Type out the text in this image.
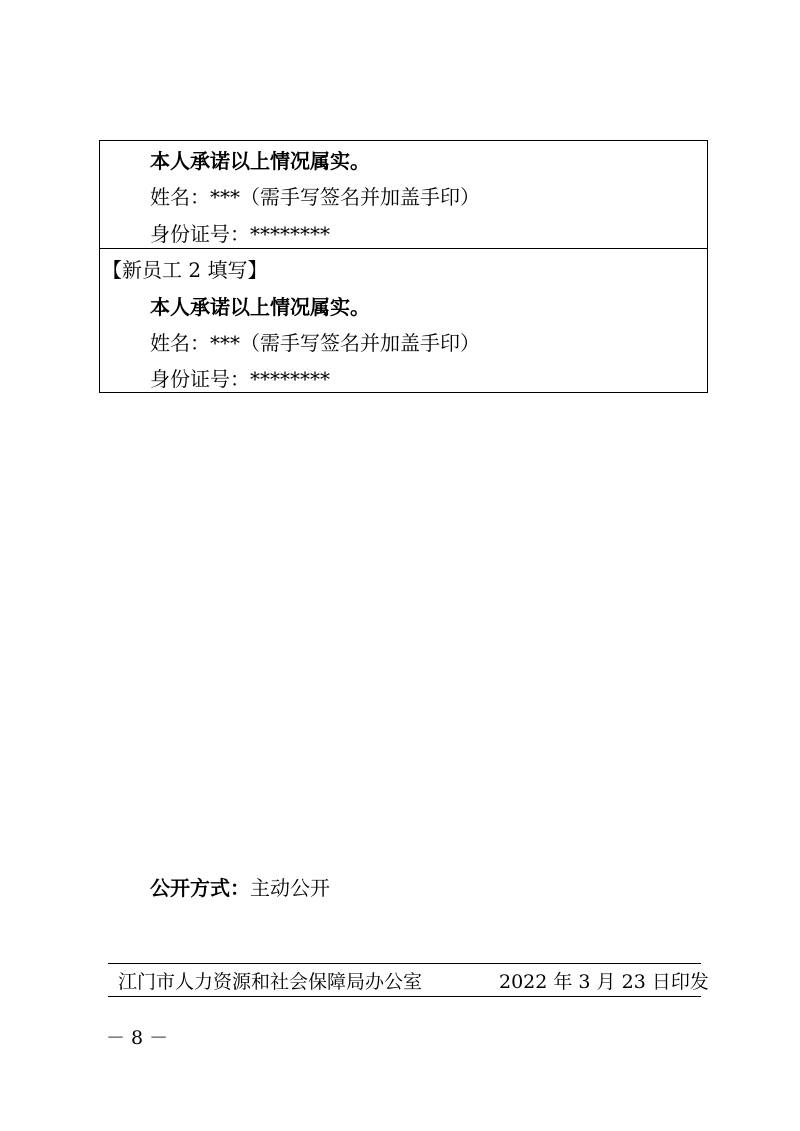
本人承诺以上情况属实。
姓名：***（需手写签名并加盖手印）
身份证号：********
【新员工 2 填写】
本人承诺以上情况属实。
姓名：***（需手写签名并加盖手印）
身份证号：********
公开方式：主动公开
江门市人力资源和社会保障局办公室	2022 年 3 月 23 日印发
－ 8 －
